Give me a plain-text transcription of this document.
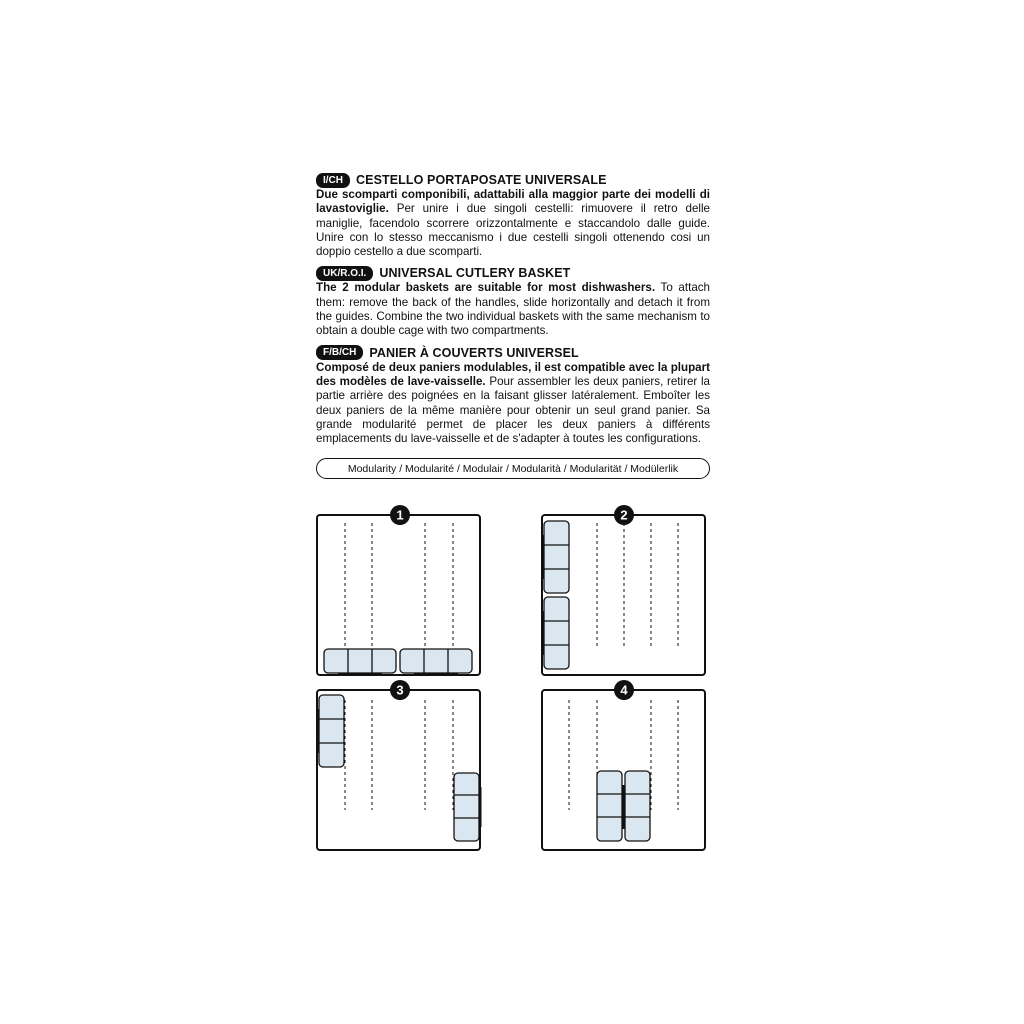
I/CH	CESTELLO PORTAPOSATE UNIVERSALE
Due scomparti componibili, adattabili alla maggior parte dei modelli di lavastoviglie. Per unire i due singoli cestelli: rimuovere il retro delle maniglie, facendolo scorrere orizzontalmente e staccandolo dalle guide. Unire con lo stesso meccanismo i due cestelli singoli ottenendo cosi un doppio cestello a due scomparti.
UK/R.O.I.	UNIVERSAL CUTLERY BASKET
The 2 modular baskets are suitable for most dishwashers. To attach them: remove the back of the handles, slide horizontally and detach it from the guides. Combine the two individual baskets with the same mechanism to obtain a double cage with two compartments.
F/B/CH	PANIER À COUVERTS UNIVERSEL
Composé de deux paniers modulables, il est compatible avec la plupart des modèles de lave-vaisselle. Pour assembler les deux paniers, retirer la partie arrière des poignées en la faisant glisser latéralement. Emboîter les deux paniers de la même manière pour obtenir un seul grand panier. Sa grande modularité permet de placer les deux paniers à différents emplacements du lave-vaisselle et de s'adapter à toutes les configurations.
Modularity / Modularité / Modulair / Modularità / Modularität / Modülerlik
1	2
3	4
